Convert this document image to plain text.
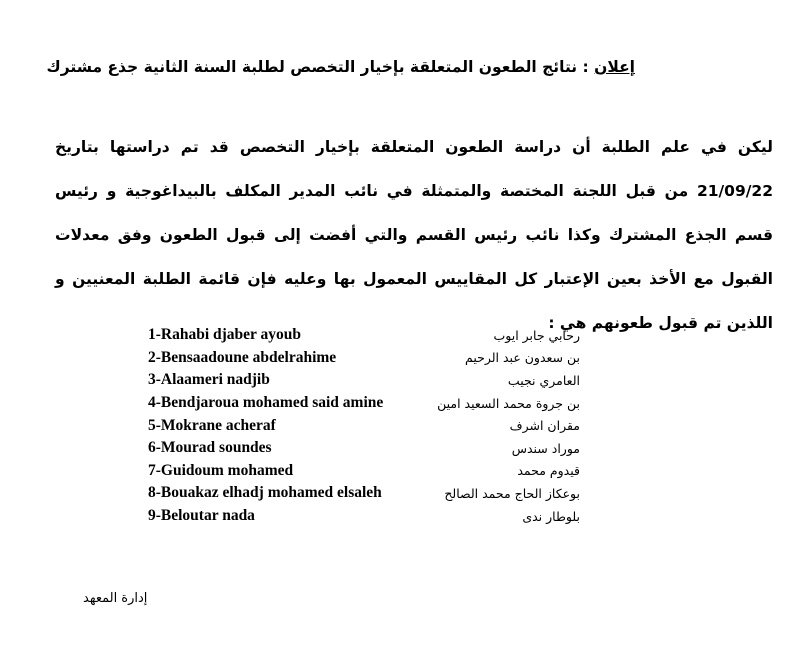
إعلان : نتائج الطعون المتعلقة بإخيار التخصص لطلبة السنة الثانية جذع مشترك
ليكن في علم الطلبة أن دراسة الطعون المتعلقة بإخيار التخصص قد تم دراستها بتاريخ 21/09/22 من قبل اللجنة المختصة والمتمثلة في نائب المدير المكلف بالبيداغوجية و رئيس قسم الجذع المشترك وكذا نائب رئيس القسم والتي أفضت إلى قبول الطعون وفق معدلات القبول مع الأخذ بعين الإعتبار كل المقاييس المعمول بها وعليه فإن قائمة الطلبة المعنيين و اللذين تم قبول طعونهم هي :
1-Rahabi djaber ayoub	رحابي جابر ايوب
2-Bensaadoune abdelrahime	بن سعدون عبد الرحيم
3-Alaameri nadjib	العامري نجيب
4-Bendjaroua mohamed said amine	بن جروة محمد السعيد امين
5-Mokrane acheraf	مقران اشرف
6-Mourad soundes	موراد سندس
7-Guidoum mohamed	قيدوم محمد
8-Bouakaz elhadj mohamed elsaleh	بوعكاز الحاج محمد الصالح
9-Beloutar nada	بلوطار ندى
إدارة المعهد
